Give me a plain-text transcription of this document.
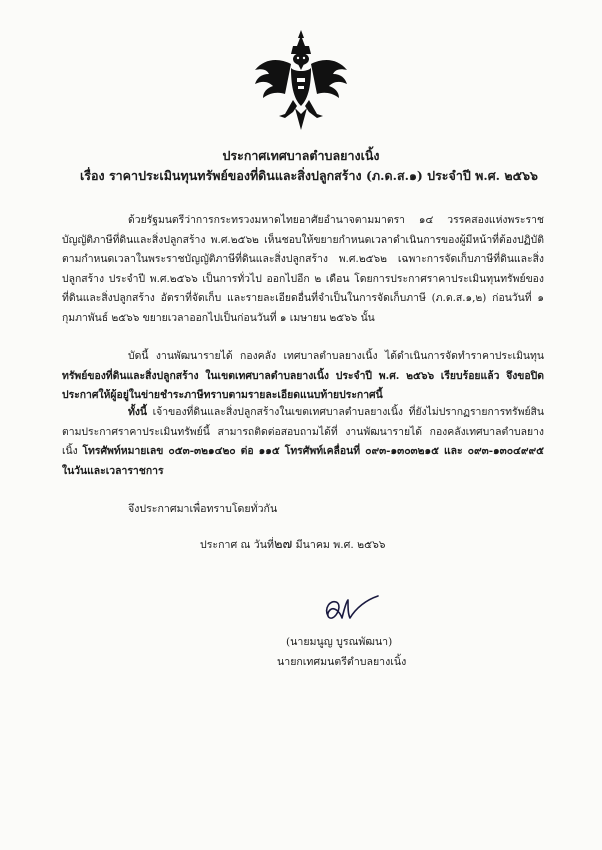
ประกาศเทศบาลตำบลยางเนิ้ง
เรื่อง ราคาประเมินทุนทรัพย์ของที่ดินและสิ่งปลูกสร้าง (ภ.ด.ส.๑) ประจำปี พ.ศ. ๒๕๖๖
ด้วยรัฐมนตรีว่าการกระทรวงมหาดไทยอาศัยอำนาจตามมาตรา ๑๔ วรรคสองแห่งพระราชบัญญัติภาษีที่ดินและสิ่งปลูกสร้าง พ.ศ.๒๕๖๒ เห็นชอบให้ขยายกำหนดเวลาดำเนินการของผู้มีหน้าที่ต้องปฏิบัติตามกำหนดเวลาในพระราชบัญญัติภาษีที่ดินและสิ่งปลูกสร้าง พ.ศ.๒๕๖๒ เฉพาะการจัดเก็บภาษีที่ดินและสิ่งปลูกสร้าง ประจำปี พ.ศ.๒๕๖๖ เป็นการทั่วไป ออกไปอีก ๒ เดือน โดยการประกาศราคาประเมินทุนทรัพย์ของที่ดินและสิ่งปลูกสร้าง อัตราที่จัดเก็บ และรายละเอียดอื่นที่จำเป็นในการจัดเก็บภาษี (ภ.ด.ส.๑,๒) ก่อนวันที่ ๑ กุมภาพันธ์ ๒๕๖๖ ขยายเวลาออกไปเป็นก่อนวันที่ ๑ เมษายน ๒๕๖๖ นั้น
บัดนี้ งานพัฒนารายได้ กองคลัง เทศบาลตำบลยางเนิ้ง ได้ดำเนินการจัดทำราคาประเมินทุนทรัพย์ของที่ดินและสิ่งปลูกสร้าง ในเขตเทศบาลตำบลยางเนิ้ง ประจำปี พ.ศ. ๒๕๖๖ เรียบร้อยแล้ว จึงขอปิดประกาศให้ผู้อยู่ในข่ายชำระภาษีทราบตามรายละเอียดแนบท้ายประกาศนี้
ทั้งนี้ เจ้าของที่ดินและสิ่งปลูกสร้างในเขตเทศบาลตำบลยางเนิ้ง ที่ยังไม่ปรากฏรายการทรัพย์สินตามประกาศราคาประเมินทรัพย์นี้ สามารถติดต่อสอบถามได้ที่ งานพัฒนารายได้ กองคลังเทศบาลตำบลยางเนิ้ง โทรศัพท์หมายเลข ๐๕๓-๓๒๑๔๒๐ ต่อ ๑๑๕ โทรศัพท์เคลื่อนที่ ๐๙๓-๑๓๐๓๒๑๕ และ ๐๙๓-๑๓๐๔๙๙๕ ในวันและเวลาราชการ
จึงประกาศมาเพื่อทราบโดยทั่วกัน
ประกาศ ณ วันที่๒๗ มีนาคม พ.ศ. ๒๕๖๖
(นายมนูญ บูรณพัฒนา)
นายกเทศมนตรีตำบลยางเนิ้ง
